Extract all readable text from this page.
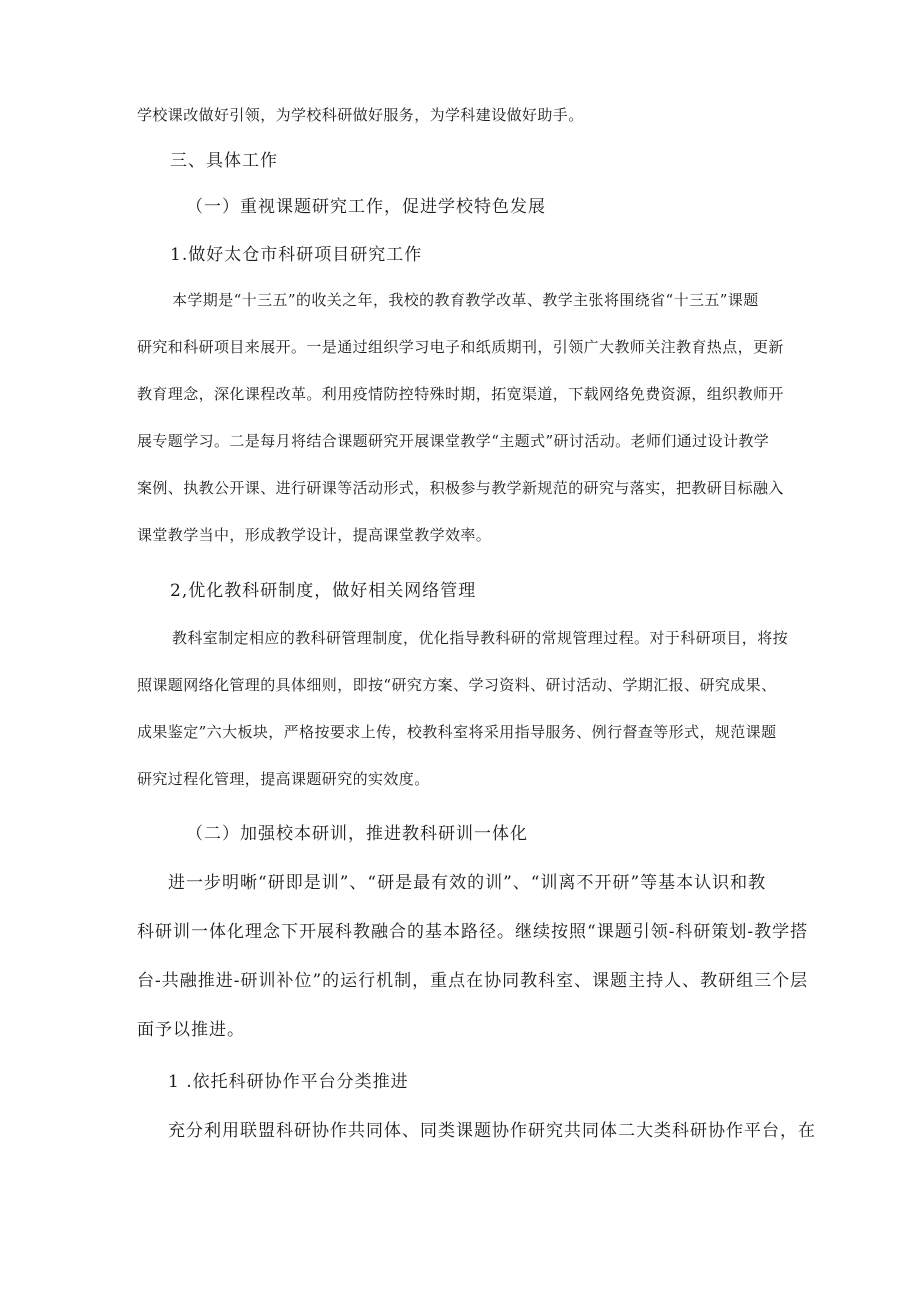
学校课改做好引领，为学校科研做好服务，为学科建设做好助手。

三、具体工作

（一）重视课题研究工作，促进学校特色发展

1.做好太仓市科研项目研究工作

本学期是“十三五”的收关之年，我校的教育教学改革、教学主张将围绕省“十三五”课题

研究和科研项目来展开。一是通过组织学习电子和纸质期刊，引领广大教师关注教育热点，更新

教育理念，深化课程改革。利用疫情防控特殊时期，拓宽渠道，下载网络免费资源，组织教师开

展专题学习。二是每月将结合课题研究开展课堂教学“主题式”研讨活动。老师们通过设计教学

案例、执教公开课、进行研课等活动形式，积极参与教学新规范的研究与落实，把教研目标融入

课堂教学当中，形成教学设计，提高课堂教学效率。

2,优化教科研制度，做好相关网络管理

教科室制定相应的教科研管理制度，优化指导教科研的常规管理过程。对于科研项目，将按

照课题网络化管理的具体细则，即按“研究方案、学习资料、研讨活动、学期汇报、研究成果、

成果鉴定”六大板块，严格按要求上传，校教科室将采用指导服务、例行督查等形式，规范课题

研究过程化管理，提高课题研究的实效度。

（二）加强校本研训，推进教科研训一体化

进一步明晰“研即是训”、“研是最有效的训”、“训离不开研”等基本认识和教

科研训一体化理念下开展科教融合的基本路径。继续按照“课题引领-科研策划-教学搭

台-共融推进-研训补位”的运行机制，重点在协同教科室、课题主持人、教研组三个层

面予以推进。

1 .依托科研协作平台分类推进

充分利用联盟科研协作共同体、同类课题协作研究共同体二大类科研协作平台，在
